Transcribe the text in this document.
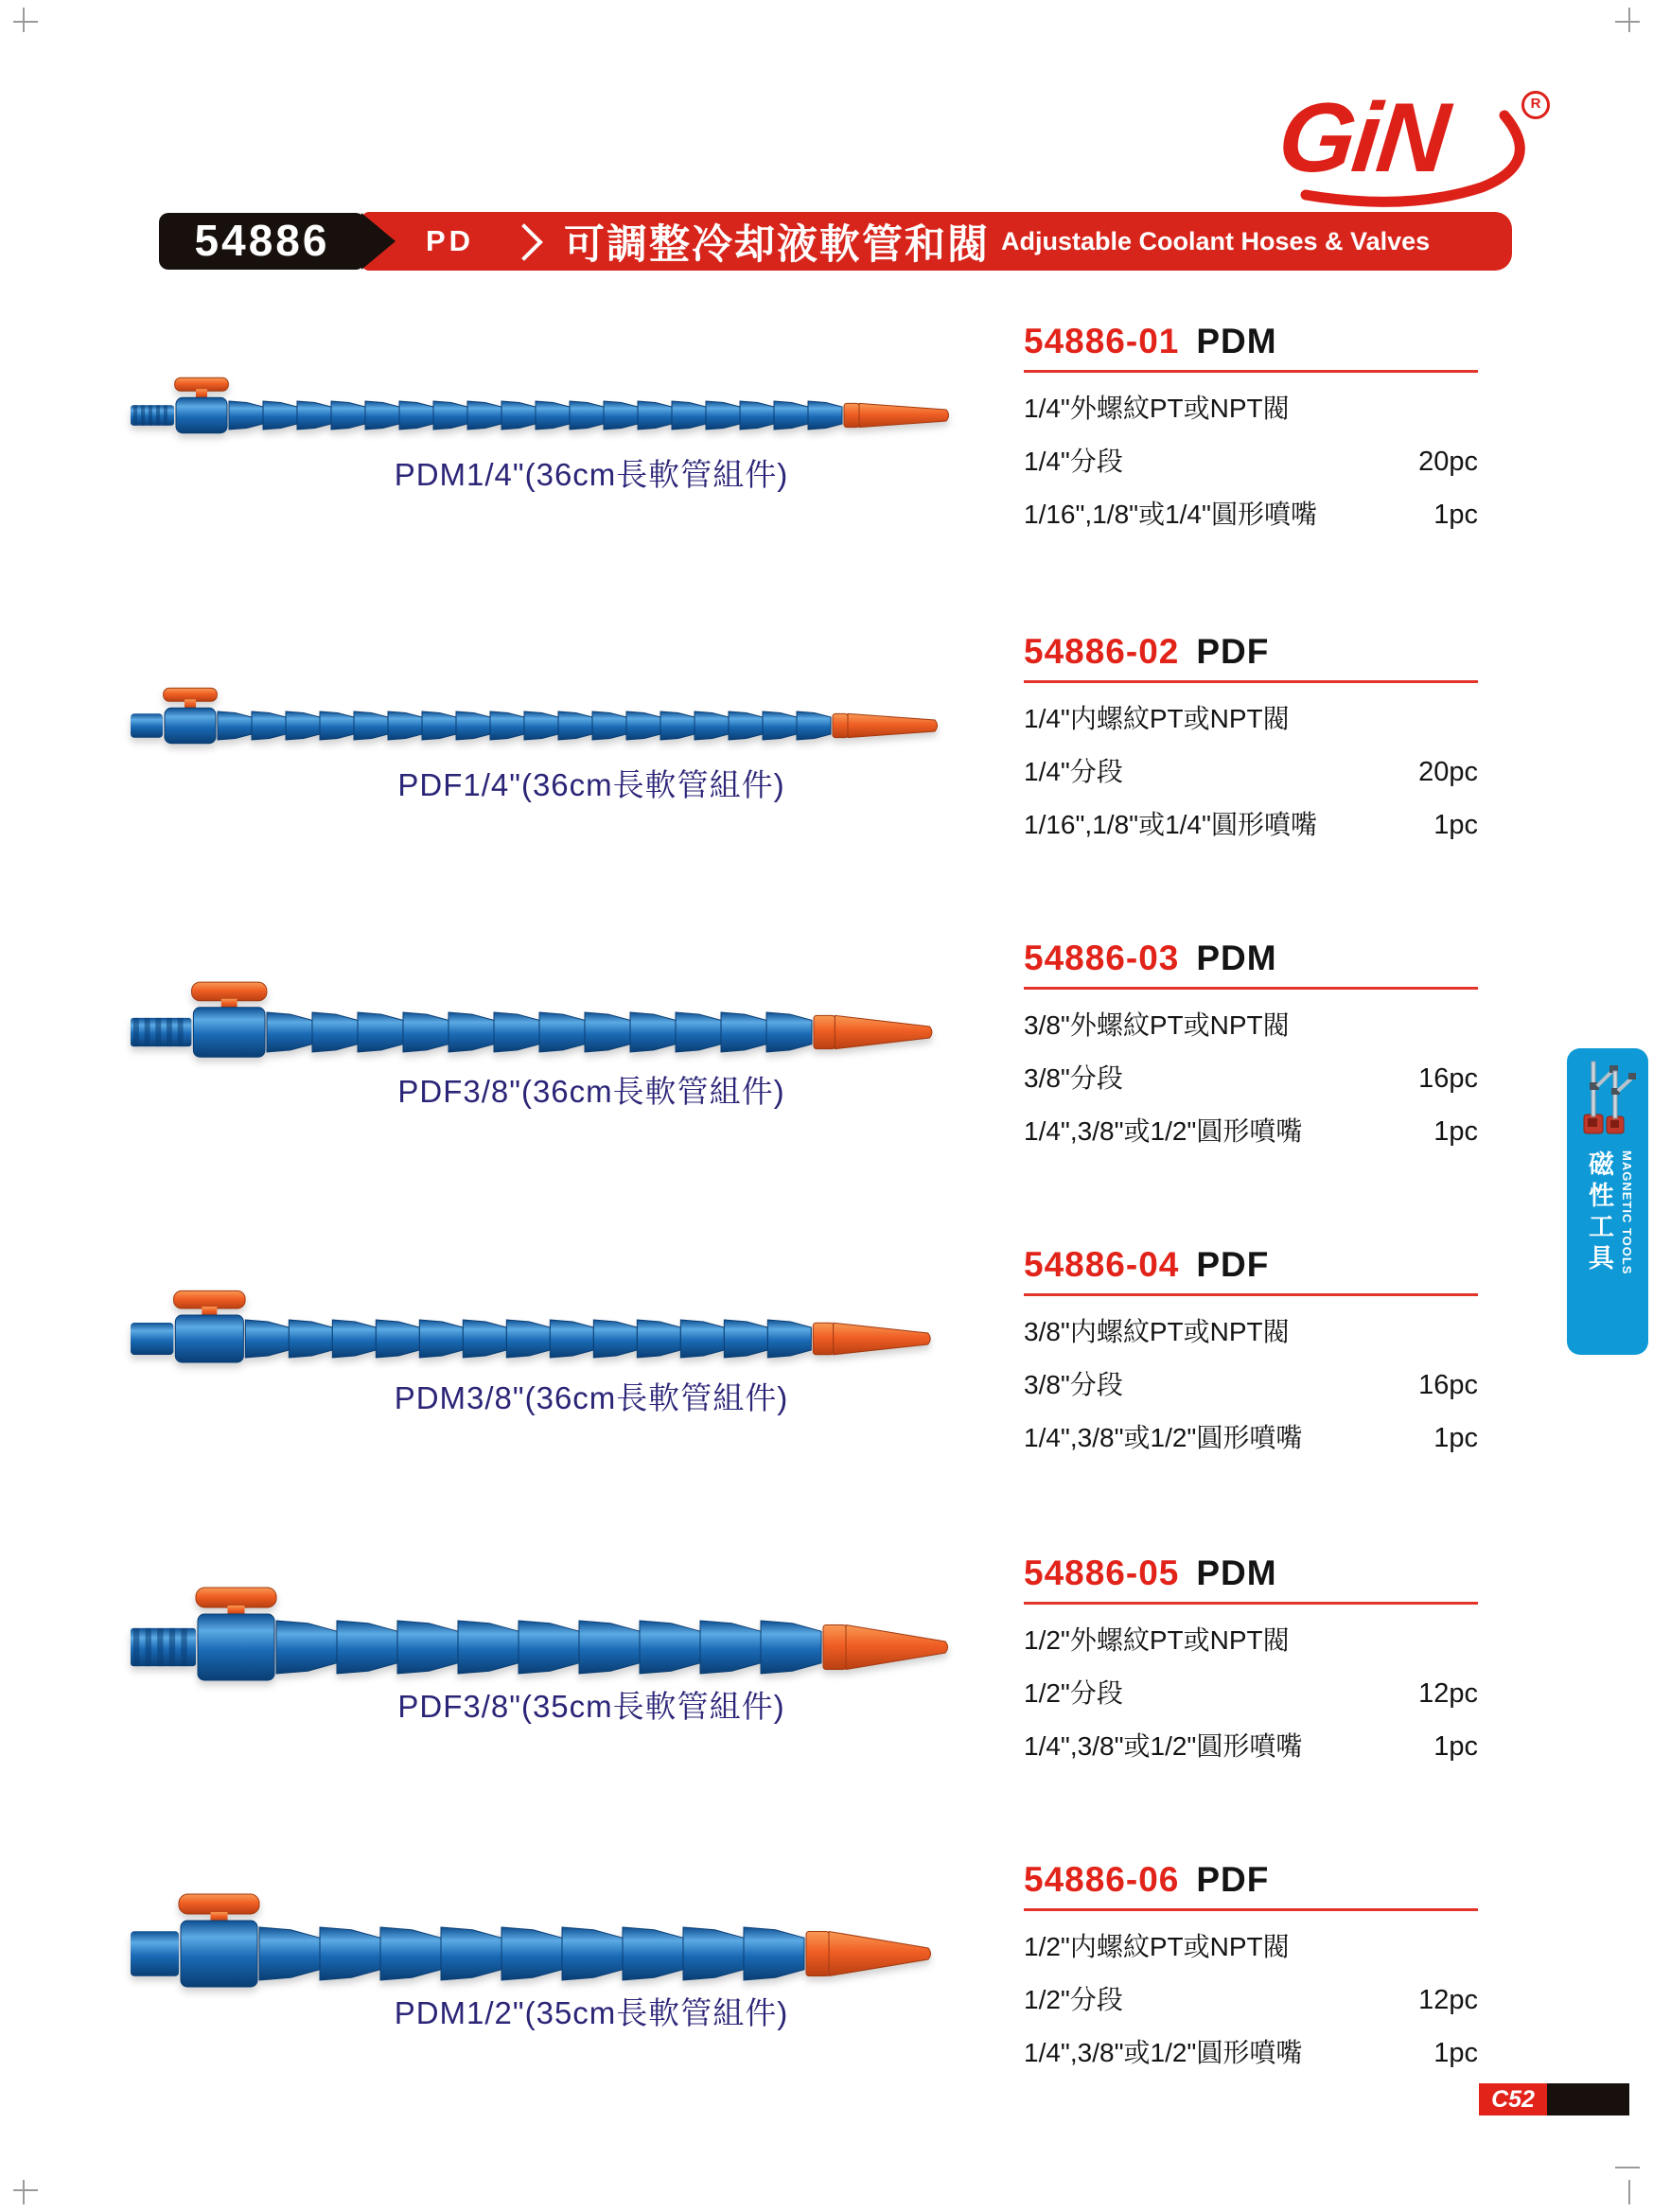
GiN	R
54886	PD 可調整冷却液軟管和閥 Adjustable Coolant Hoses & Valves
PDM1/4"(36cm長軟管組件)
54886-01 PDM
1/4"外螺紋PT或NPT閥
1/4"分段	20pc
1/16",1/8"或1/4"圓形噴嘴	1pc
PDF1/4"(36cm長軟管組件)
54886-02 PDF
1/4"内螺紋PT或NPT閥
1/4"分段	20pc
1/16",1/8"或1/4"圓形噴嘴	1pc
PDF3/8"(36cm長軟管組件)
54886-03 PDM
3/8"外螺紋PT或NPT閥
3/8"分段	16pc
1/4",3/8"或1/2"圓形噴嘴	1pc
PDM3/8"(36cm長軟管組件)
54886-04 PDF
3/8"内螺紋PT或NPT閥
3/8"分段	16pc
1/4",3/8"或1/2"圓形噴嘴	1pc
PDF3/8"(35cm長軟管組件)
54886-05 PDM
1/2"外螺紋PT或NPT閥
1/2"分段	12pc
1/4",3/8"或1/2"圓形噴嘴	1pc
PDM1/2"(35cm長軟管組件)
54886-06 PDF
1/2"内螺紋PT或NPT閥
1/2"分段	12pc
1/4",3/8"或1/2"圓形噴嘴	1pc
磁性工具 MAGNETIC TOOLS
C52
